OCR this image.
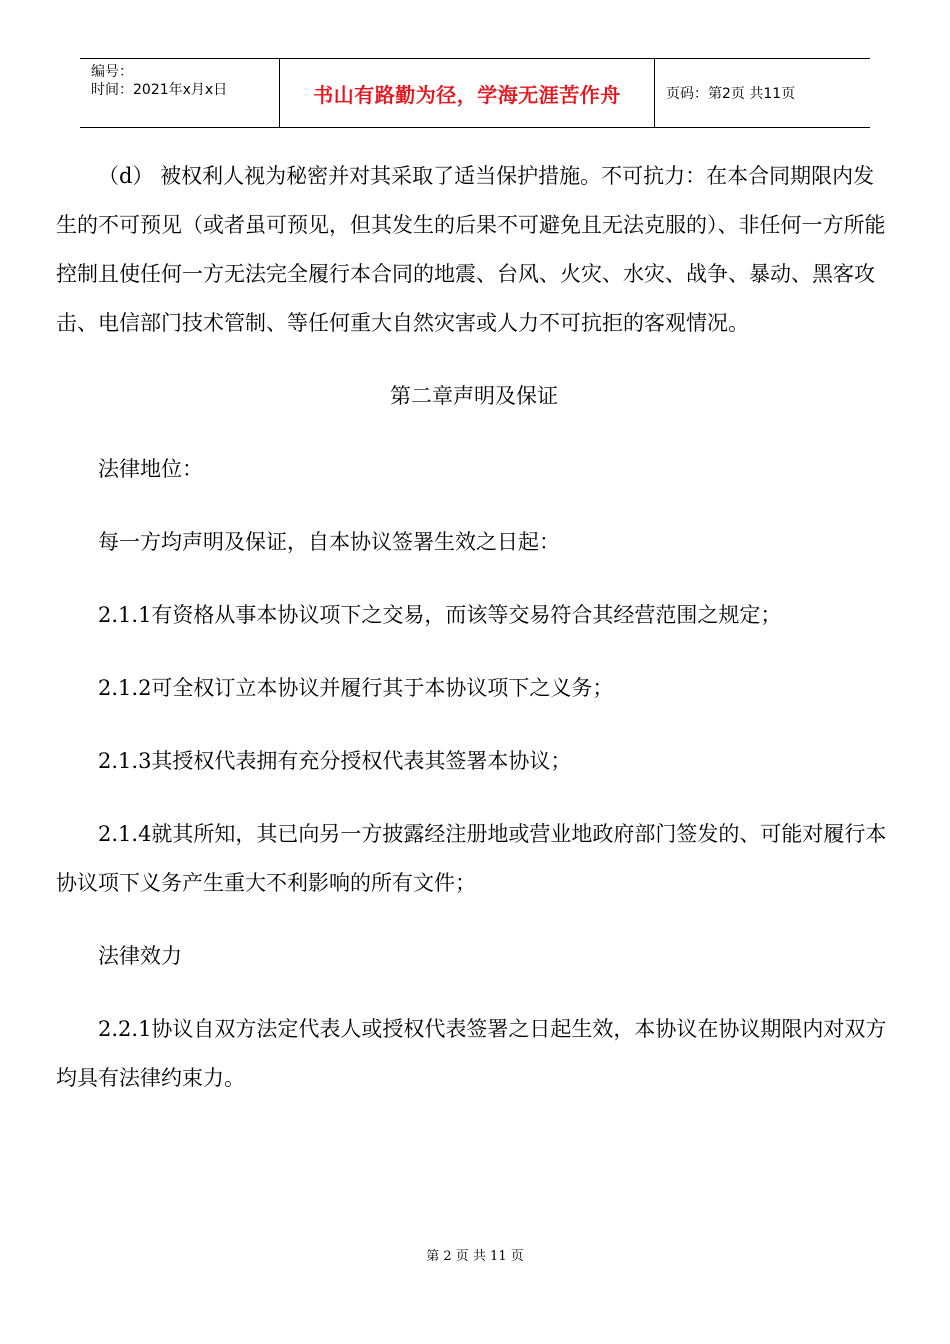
编号：
时间：2021年x月x日	书山有路勤为径，学海无涯苦作舟	页码：第2页 共11页

（d） 被权利人视为秘密并对其采取了适当保护措施。不可抗力：在本合同期限内发生的不可预见（或者虽可预见，但其发生的后果不可避免且无法克服的）、非任何一方所能控制且使任何一方无法完全履行本合同的地震、台风、火灾、水灾、战争、暴动、黑客攻击、电信部门技术管制、等任何重大自然灾害或人力不可抗拒的客观情况。

第二章声明及保证

法律地位：

每一方均声明及保证，自本协议签署生效之日起：

2.1.1有资格从事本协议项下之交易，而该等交易符合其经营范围之规定；

2.1.2可全权订立本协议并履行其于本协议项下之义务；

2.1.3其授权代表拥有充分授权代表其签署本协议；

2.1.4就其所知，其已向另一方披露经注册地或营业地政府部门签发的、可能对履行本协议项下义务产生重大不利影响的所有文件；

法律效力

2.2.1协议自双方法定代表人或授权代表签署之日起生效，本协议在协议期限内对双方均具有法律约束力。

第 2 页 共 11 页
